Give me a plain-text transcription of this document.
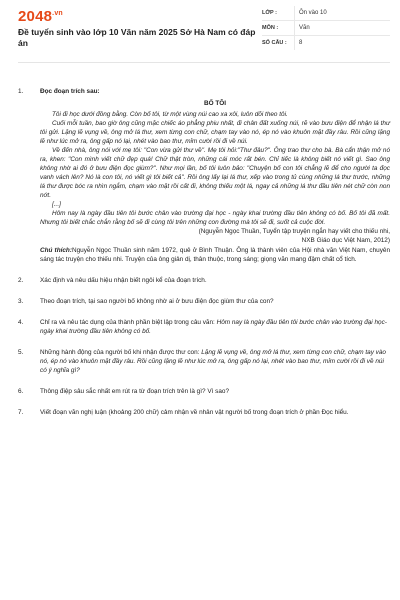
$2048^{.vn}$
Đề tuyển sinh vào lớp 10 Văn năm 2025 Sở Hà Nam có đáp án
LỚP :	Ôn vào 10
MÔN :	Văn
SỐ CÂU :	8
1.	Đọc đoạn trích sau:
BỐ TÔI
Tôi đi học dưới đồng bằng. Còn bố tôi, từ một vùng núi cao xa xôi, luôn dõi theo tôi.
Cuối mỗi tuần, bao giờ ông cũng mặc chiếc áo phẳng phiu nhất, đi chân đất xuống núi, rẽ vào bưu điện để nhận lá thư tôi gửi. Lặng lẽ vụng về, ông mở lá thư, xem từng con chữ, chạm tay vào nó, ép nó vào khuôn mặt đầy râu. Rồi cũng lặng lẽ như lúc mở ra, ông gấp nó lại, nhét vào bao thư, mỉm cười rồi đi về núi.
Về đến nhà, ông nói với mẹ tôi: "Con vừa gửi thư về". Mẹ tôi hỏi:"Thư đâu?". Ông trao thư cho bà. Bà cẩn thận mở nó ra, khen: "Con mình viết chữ đẹp quá! Chữ thật tròn, những cái móc rất bén. Chỉ tiếc là không biết nó viết gì. Sao ông không nhờ ai đó ở bưu điện đọc giùm?". Như mọi lần, bố tôi luôn bảo: "Chuyện bố con tôi chẳng lẽ để cho người ta đọc vanh vách lên? Nó là con tôi, nó viết gì tôi biết cả". Rồi ông lấy lại lá thư, xếp vào trong tủ cùng những lá thư trước, những lá thư được bóc ra nhìn ngắm, chạm vào mặt rồi cất đi, không thiếu một lá, ngay cả những lá thư đầu tiên nét chữ còn non nớt.
[...]
Hôm nay là ngày đầu tiên tôi bước chân vào trường đại học - ngày khai trường đầu tiên không có bố. Bố tôi đã mất. Nhưng tôi biết chắc chắn rằng bố sẽ đi cùng tôi trên những con đường mà tôi sẽ đi, suốt cả cuộc đời.
(Nguyễn Ngọc Thuần, Tuyển tập truyện ngắn hay viết cho thiếu nhi,
NXB Giáo dục Việt Nam, 2012)
Chú thích:Nguyễn Ngọc Thuần sinh năm 1972, quê ở Bình Thuận. Ông là thành viên của Hội nhà văn Việt Nam, chuyên sáng tác truyện cho thiếu nhi. Truyện của ông giản dị, thân thuộc, trong sáng; giọng văn mang đậm chất cổ tích.
2.	Xác định và nêu dấu hiệu nhận biết ngôi kể của đoạn trích.
3.	Theo đoạn trích, tại sao người bố không nhờ ai ở bưu điện đọc giùm thư của con?
4.	Chỉ ra và nêu tác dụng của thành phần biệt lập trong câu văn: Hôm nay là ngày đầu tiên tôi bước chân vào trường đại học- ngày khai trường đầu tiên không có bố.
5.	Những hành động của người bố khi nhận được thư con: Lặng lẽ vụng về, ông mở lá thư, xem từng con chữ, chạm tay vào nó, ép nó vào khuôn mặt đầy râu. Rồi cũng lặng lẽ như lúc mở ra, ông gấp nó lại, nhét vào bao thư, mỉm cười rồi đi về núi có ý nghĩa gì?
6.	Thông điệp sâu sắc nhất em rút ra từ đoạn trích trên là gì? Vì sao?
7.	Viết đoạn văn nghị luận (khoảng 200 chữ) cảm nhận về nhân vật người bố trong đoạn trích ở phần Đọc hiểu.
